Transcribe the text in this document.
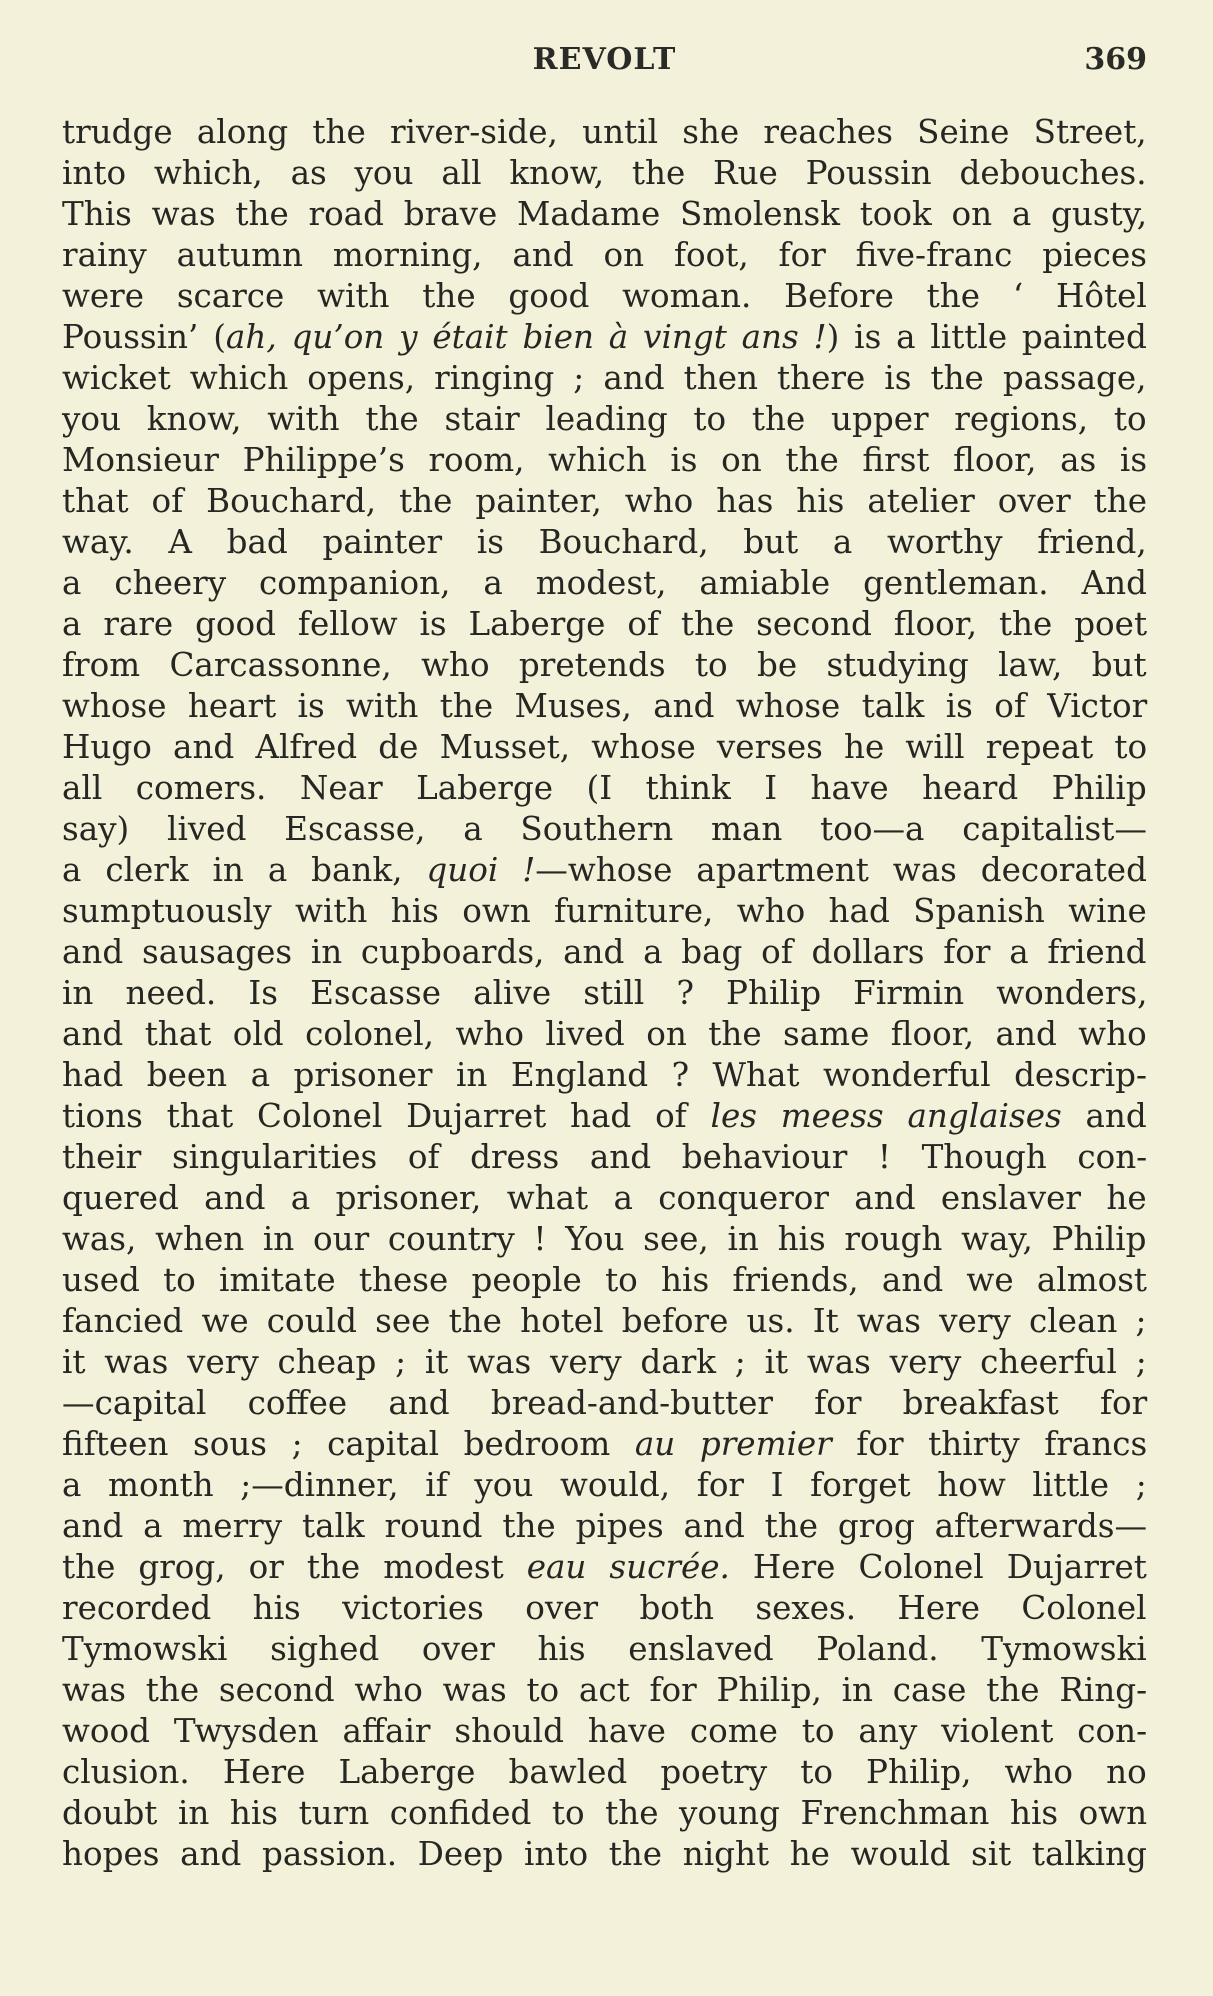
REVOLT	369
trudge along the river-side, until she reaches Seine Street,
into which, as you all know, the Rue Poussin debouches.
This was the road brave Madame Smolensk took on a gusty,
rainy autumn morning, and on foot, for five-franc pieces
were scarce with the good woman. Before the ‘ Hôtel
Poussin’ (ah, qu’on y était bien à vingt ans !) is a little painted
wicket which opens, ringing ; and then there is the passage,
you know, with the stair leading to the upper regions, to
Monsieur Philippe’s room, which is on the first floor, as is
that of Bouchard, the painter, who has his atelier over the
way. A bad painter is Bouchard, but a worthy friend,
a cheery companion, a modest, amiable gentleman. And
a rare good fellow is Laberge of the second floor, the poet
from Carcassonne, who pretends to be studying law, but
whose heart is with the Muses, and whose talk is of Victor
Hugo and Alfred de Musset, whose verses he will repeat to
all comers. Near Laberge (I think I have heard Philip
say) lived Escasse, a Southern man too—a capitalist—
a clerk in a bank, quoi !—whose apartment was decorated
sumptuously with his own furniture, who had Spanish wine
and sausages in cupboards, and a bag of dollars for a friend
in need. Is Escasse alive still ? Philip Firmin wonders,
and that old colonel, who lived on the same floor, and who
had been a prisoner in England ? What wonderful descrip-
tions that Colonel Dujarret had of les meess anglaises and
their singularities of dress and behaviour ! Though con-
quered and a prisoner, what a conqueror and enslaver he
was, when in our country ! You see, in his rough way, Philip
used to imitate these people to his friends, and we almost
fancied we could see the hotel before us. It was very clean ;
it was very cheap ; it was very dark ; it was very cheerful ;
—capital coffee and bread-and-butter for breakfast for
fifteen sous ; capital bedroom au premier for thirty francs
a month ;—dinner, if you would, for I forget how little ;
and a merry talk round the pipes and the grog afterwards—
the grog, or the modest eau sucrée. Here Colonel Dujarret
recorded his victories over both sexes. Here Colonel
Tymowski sighed over his enslaved Poland. Tymowski
was the second who was to act for Philip, in case the Ring-
wood Twysden affair should have come to any violent con-
clusion. Here Laberge bawled poetry to Philip, who no
doubt in his turn confided to the young Frenchman his own
hopes and passion. Deep into the night he would sit talking
